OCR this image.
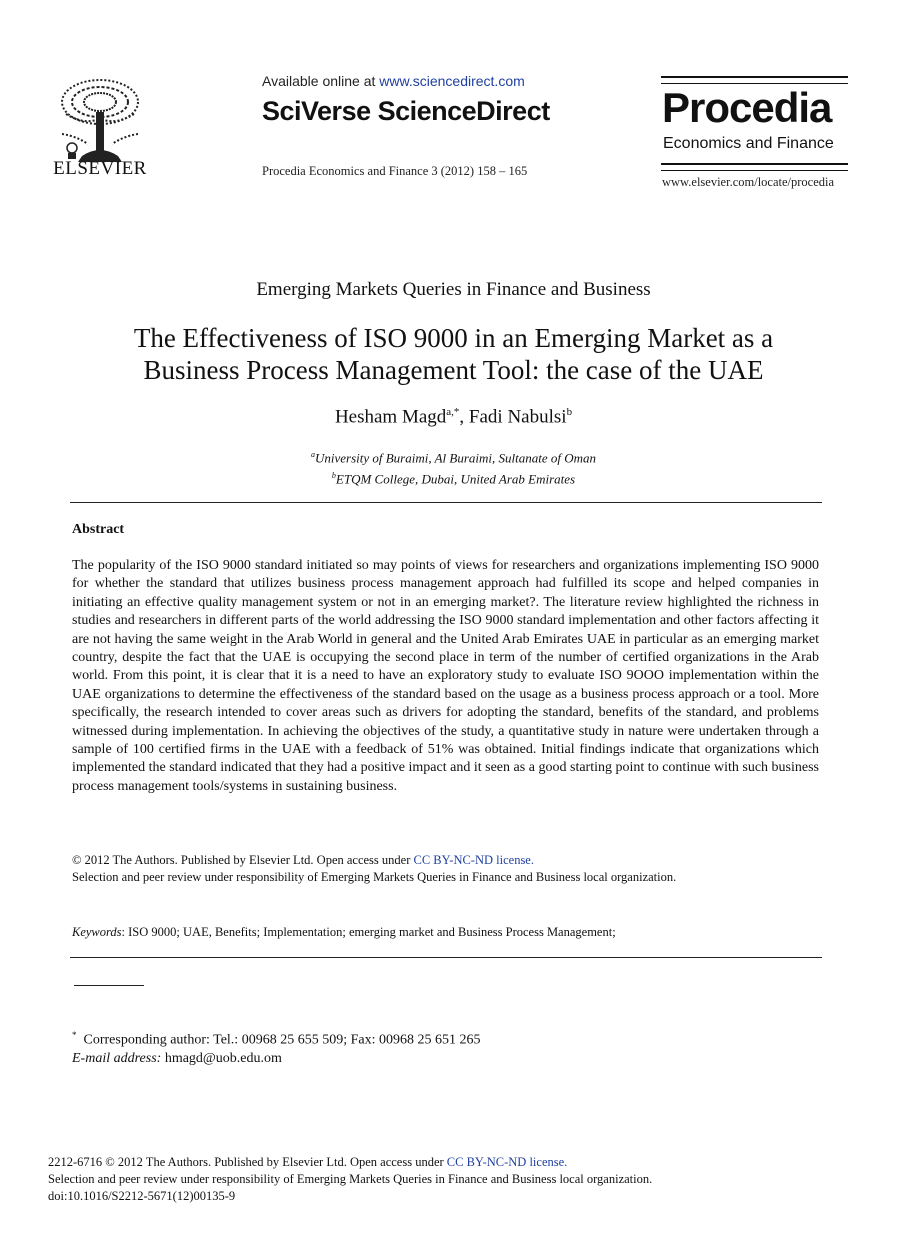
ELSEVIER
Available online at www.sciencedirect.com
SciVerse ScienceDirect
Procedia Economics and Finance 3 (2012) 158 – 165
Procedia
Economics and Finance
www.elsevier.com/locate/procedia
Emerging Markets Queries in Finance and Business
The Effectiveness of ISO 9000 in an Emerging Market as a
Business Process Management Tool: the case of the UAE
Hesham Magd$^{a,*}$, Fadi Nabulsi$^b$
$^a$University of Buraimi, Al Buraimi, Sultanate of Oman
$^b$ETQM College, Dubai, United Arab Emirates
Abstract
The popularity of the ISO 9000 standard initiated so may points of views for researchers and organizations implementing ISO 9000 for whether the standard that utilizes business process management approach had fulfilled its scope and helped companies in initiating an effective quality management system or not in an emerging market?. The literature review highlighted the richness in studies and researchers in different parts of the world addressing the ISO 9000 standard implementation and other factors affecting it are not having the same weight in the Arab World in general and the United Arab Emirates UAE in particular as an emerging market country, despite the fact that the UAE is occupying the second place in term of the number of certified organizations in the Arab world. From this point, it is clear that it is a need to have an exploratory study to evaluate ISO 9OOO implementation within the UAE organizations to determine the effectiveness of the standard based on the usage as a business process approach or a tool. More specifically, the research intended to cover areas such as drivers for adopting the standard, benefits of the standard, and problems witnessed during implementation. In achieving the objectives of the study, a quantitative study in nature were undertaken through a sample of 100 certified firms in the UAE with a feedback of 51% was obtained. Initial findings indicate that organizations which implemented the standard indicated that they had a positive impact and it seen as a good starting point to continue with such business process management tools/systems in sustaining business.
© 2012 The Authors. Published by Elsevier Ltd. Open access under CC BY-NC-ND license.
Selection and peer review under responsibility of Emerging Markets Queries in Finance and Business local organization.
Keywords: ISO 9000; UAE, Benefits; Implementation; emerging market and Business Process Management;
* Corresponding author: Tel.: 00968 25 655 509; Fax: 00968 25 651 265
E-mail address: hmagd@uob.edu.om
2212-6716 © 2012 The Authors. Published by Elsevier Ltd. Open access under CC BY-NC-ND license.
Selection and peer review under responsibility of Emerging Markets Queries in Finance and Business local organization.
doi:10.1016/S2212-5671(12)00135-9
